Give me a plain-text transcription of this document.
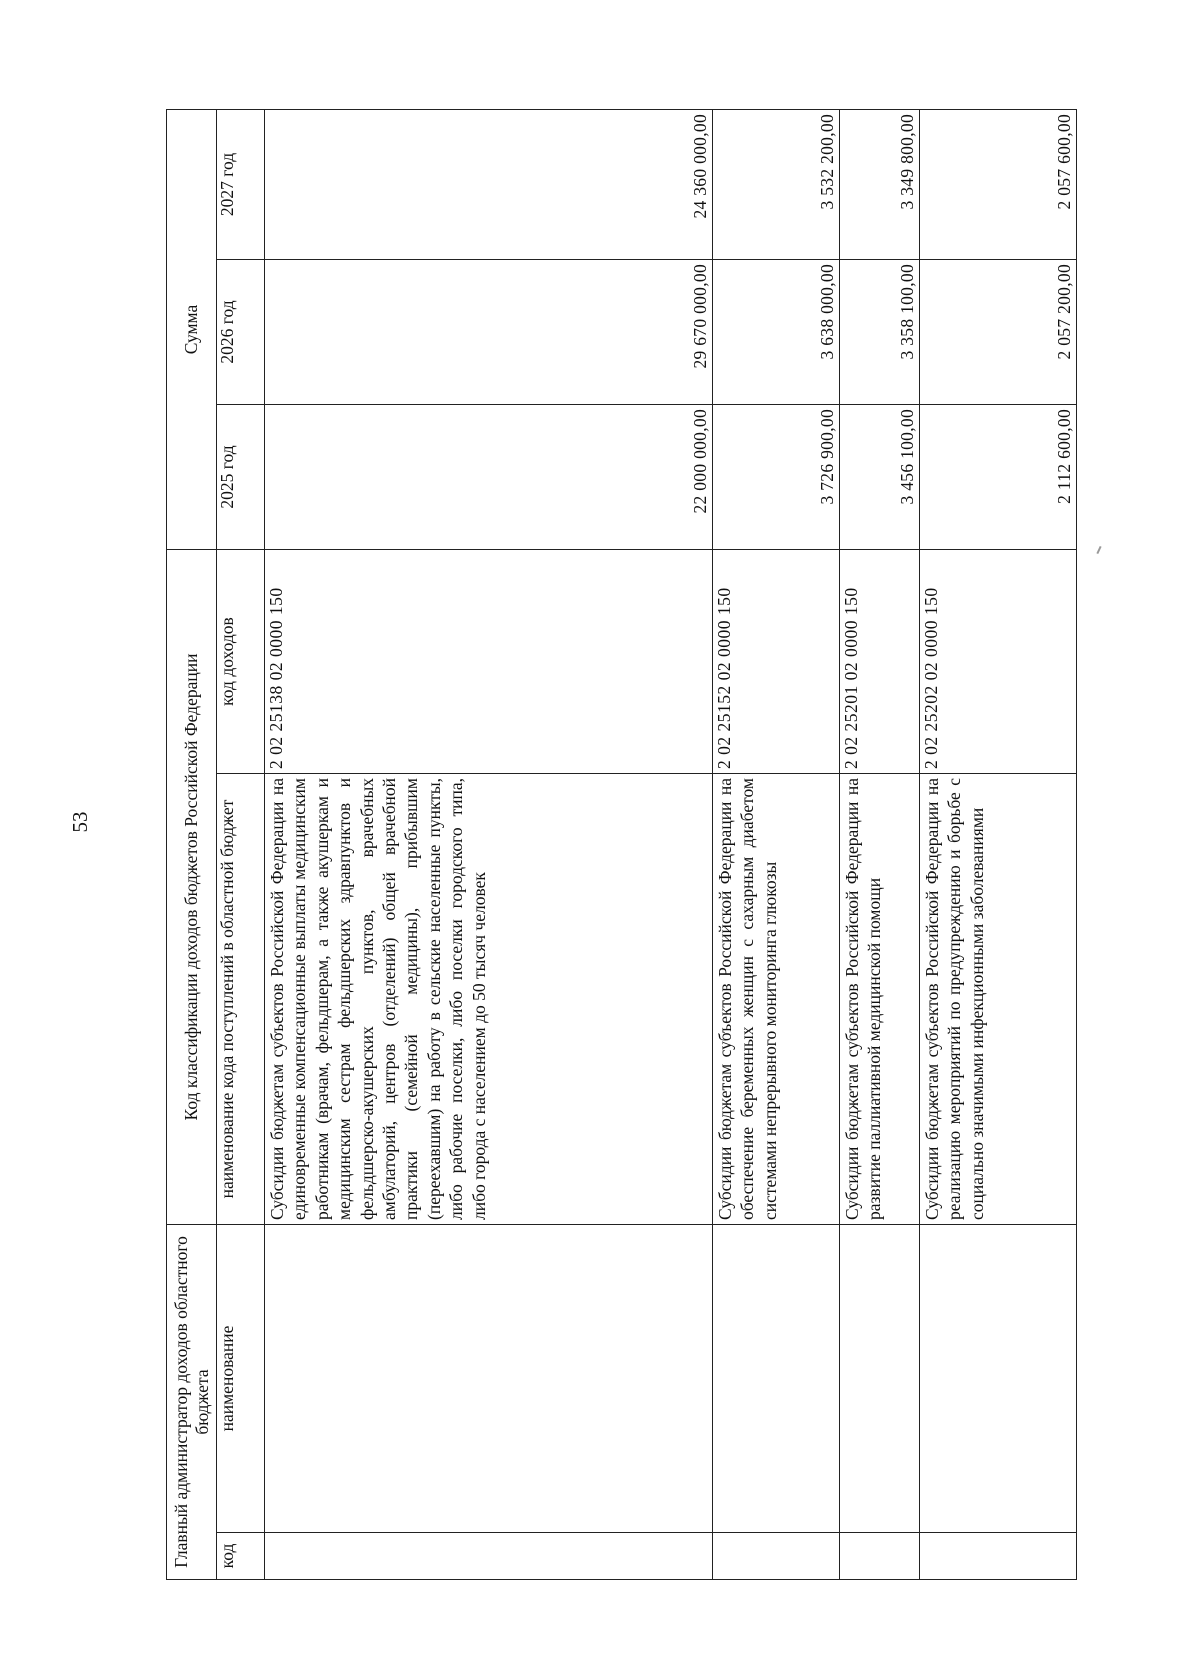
53
Главный администратор доходов областного бюджета		Код классификации доходов бюджетов Российской Федерации		Сумма		
код	наименование	наименование кода поступлений в областной бюджет	код доходов	2025 год	2026 год	2027 год
		Субсидии бюджетам субъектов Российской Федерации на единовременные компенсационные выплаты медицинским работникам (врачам, фельдшерам, а также акушеркам и медицинским сестрам фельдшерских здравпунктов и фельдшерско-акушерских пунктов, врачебных амбулаторий, центров (отделений) общей врачебной практики (семейной медицины), прибывшим (переехавшим) на работу в сельские населенные пункты, либо рабочие поселки, либо поселки городского типа, либо города с населением до 50 тысяч человек	2 02 25138 02 0000 150	22 000 000,00	29 670 000,00	24 360 000,00
		Субсидии бюджетам субъектов Российской Федерации на обеспечение беременных женщин с сахарным диабетом системами непрерывного мониторинга глюкозы	2 02 25152 02 0000 150	3 726 900,00	3 638 000,00	3 532 200,00
		Субсидии бюджетам субъектов Российской Федерации на развитие паллиативной медицинской помощи	2 02 25201 02 0000 150	3 456 100,00	3 358 100,00	3 349 800,00
		Субсидии бюджетам субъектов Российской Федерации на реализацию мероприятий по предупреждению и борьбе с социально значимыми инфекционными заболеваниями	2 02 25202 02 0000 150	2 112 600,00	2 057 200,00	2 057 600,00
